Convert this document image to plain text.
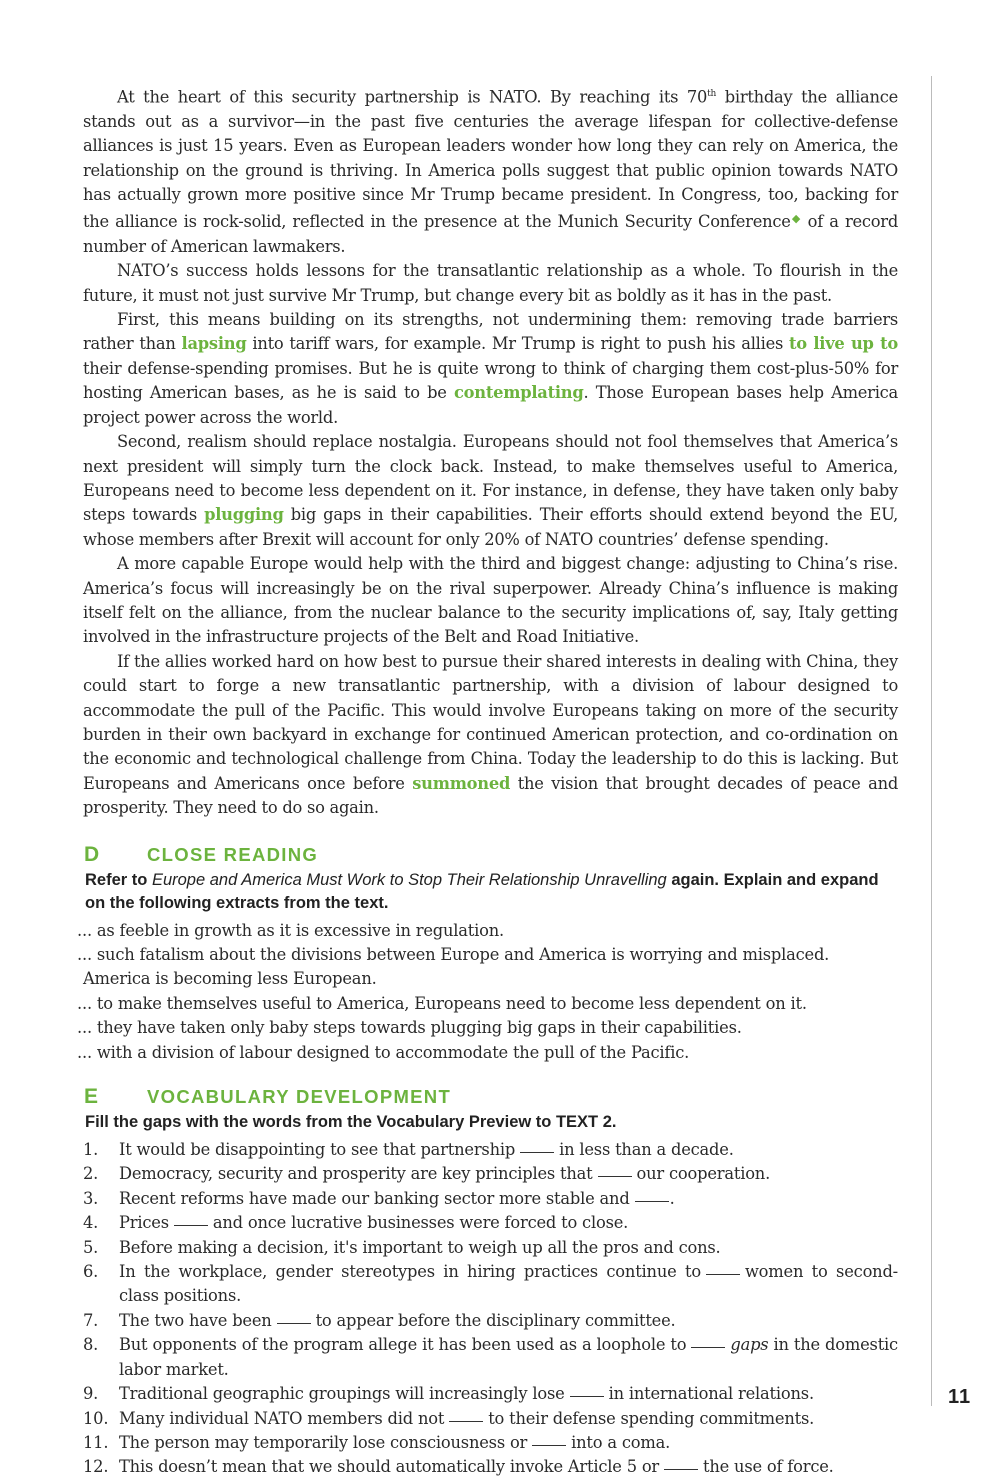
At the heart of this security partnership is NATO. By reaching its 70th birthday the alliance stands out as a survivor—in the past five centuries the average lifespan for collective-defense alliances is just 15 years. Even as European leaders wonder how long they can rely on America, the relationship on the ground is thriving. In America polls suggest that public opinion towards NATO has actually grown more positive since Mr Trump became president. In Congress, too, backing for the alliance is rock-solid, reflected in the presence at the Munich Security Conference◆ of a record number of American lawmakers.

NATO’s success holds lessons for the transatlantic relationship as a whole. To flourish in the future, it must not just survive Mr Trump, but change every bit as boldly as it has in the past.

First, this means building on its strengths, not undermining them: removing trade barriers rather than lapsing into tariff wars, for example. Mr Trump is right to push his allies to live up to their defense-spending promises. But he is quite wrong to think of charging them cost-plus-50% for hosting American bases, as he is said to be contemplating. Those European bases help America project power across the world.

Second, realism should replace nostalgia. Europeans should not fool themselves that America’s next president will simply turn the clock back. Instead, to make themselves useful to America, Europeans need to become less dependent on it. For instance, in defense, they have taken only baby steps towards plugging big gaps in their capabilities. Their efforts should extend beyond the EU, whose members after Brexit will account for only 20% of NATO countries’ defense spending.

A more capable Europe would help with the third and biggest change: adjusting to China’s rise. America’s focus will increasingly be on the rival superpower. Already China’s influence is making itself felt on the alliance, from the nuclear balance to the security implications of, say, Italy getting involved in the infrastructure projects of the Belt and Road Initiative.

If the allies worked hard on how best to pursue their shared interests in dealing with China, they could start to forge a new transatlantic partnership, with a division of labour designed to accommodate the pull of the Pacific. This would involve Europeans taking on more of the security burden in their own backyard in exchange for continued American protection, and co-ordination on the economic and technological challenge from China. Today the leadership to do this is lacking. But Europeans and Americans once before summoned the vision that brought decades of peace and prosperity. They need to do so again.

D	CLOSE READING
Refer to Europe and America Must Work to Stop Their Relationship Unravelling again. Explain and expand on the following extracts from the text.
... as feeble in growth as it is excessive in regulation.
... such fatalism about the divisions between Europe and America is worrying and misplaced.
America is becoming less European.
... to make themselves useful to America, Europeans need to become less dependent on it.
... they have taken only baby steps towards plugging big gaps in their capabilities.
... with a division of labour designed to accommodate the pull of the Pacific.
E	VOCABULARY DEVELOPMENT
Fill the gaps with the words from the Vocabulary Preview to TEXT 2.
1. It would be disappointing to see that partnership	in less than a decade.
2. Democracy, security and prosperity are key principles that	our cooperation.
3. Recent reforms have made our banking sector more stable and .
4. Prices	and once lucrative businesses were forced to close.
5. Before making a decision, it's important to weigh up all the pros and cons.
6. In the workplace, gender stereotypes in hiring practices continue to	women to second-class positions.
7. The two have been	to appear before the disciplinary committee.
8. But opponents of the program allege it has been used as a loophole to	gaps in the domestic labor market.
9. Traditional geographic groupings will increasingly lose	in international relations.
10. Many individual NATO members did not	to their defense spending commitments.
11. The person may temporarily lose consciousness or	into a coma.
12. This doesn’t mean that we should automatically invoke Article 5 or	the use of force.
11
